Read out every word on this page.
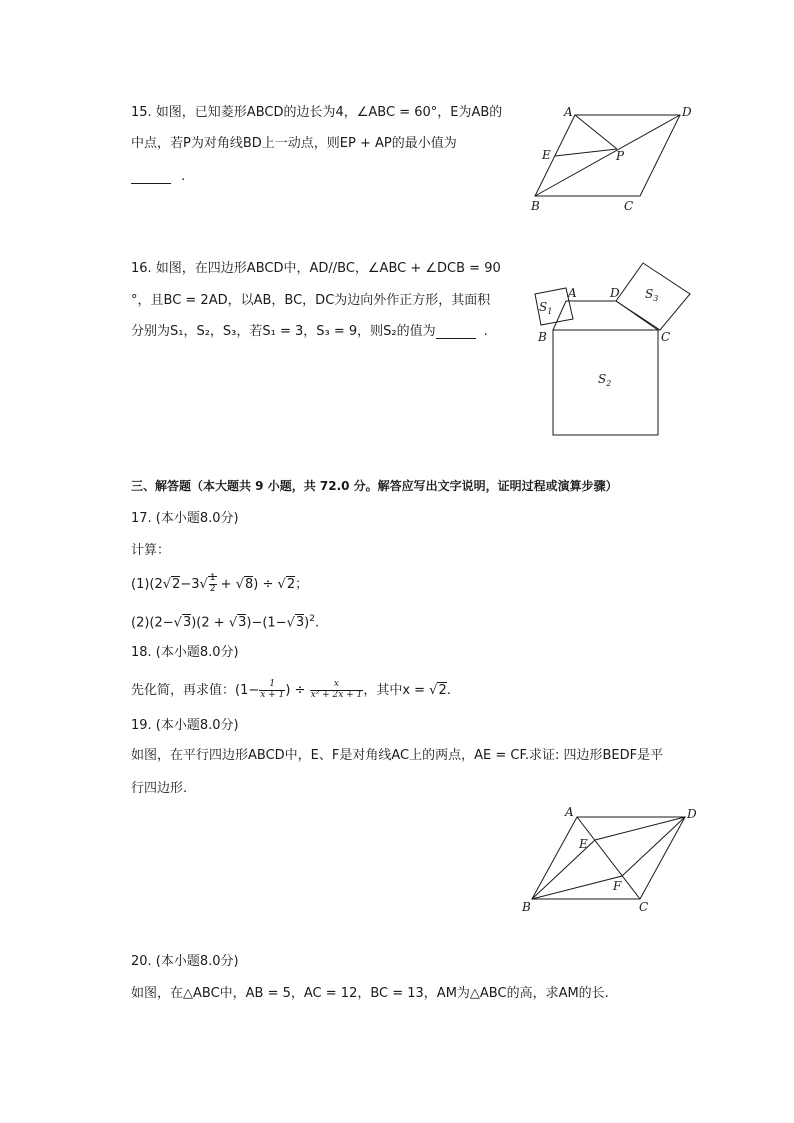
15. 如图，已知菱形ABCD的边长为4，∠ABC = 60°，E为AB的
中点，若P为对角线BD上一动点，则EP + AP的最小值为
.
A	D
E	P
B	C
16. 如图，在四边形ABCD中，AD//BC，∠ABC + ∠DCB = 90
°，且BC = 2AD，以AB，BC，DC为边向外作正方形，其面积
分别为S₁，S₂，S₃，若S₁ = 3，S₃ = 9，则S₂的值为	.
A	D
B	C
$S_1$
$S_3$
$S_2$
三、解答题（本大题共 9 小题，共 72.0 分。解答应写出文字说明，证明过程或演算步骤）
17. (本小题8.0分)
计算：
$(1)(2√2-3√ \frac{1}{2} + √8) \div √2$；
$(2)(2-√3)(2 + √3)-(1-√3)^2$.
18. (本小题8.0分)
先化简，再求值：($1- \frac{1}{x + 1}$ ) ÷ $\frac{x}{\text{x² + 2x + 1}}$ ，其中x = √2.
19. (本小题8.0分)
如图，在平行四边形ABCD中，E、F是对角线AC上的两点，AE = CF.求证: 四边形BEDF是平
行四边形.
A	D
E
F
B	C
20. (本小题8.0分)
如图，在△ABC中，AB = 5，AC = 12，BC = 13，AM为△ABC的高，求AM的长.
